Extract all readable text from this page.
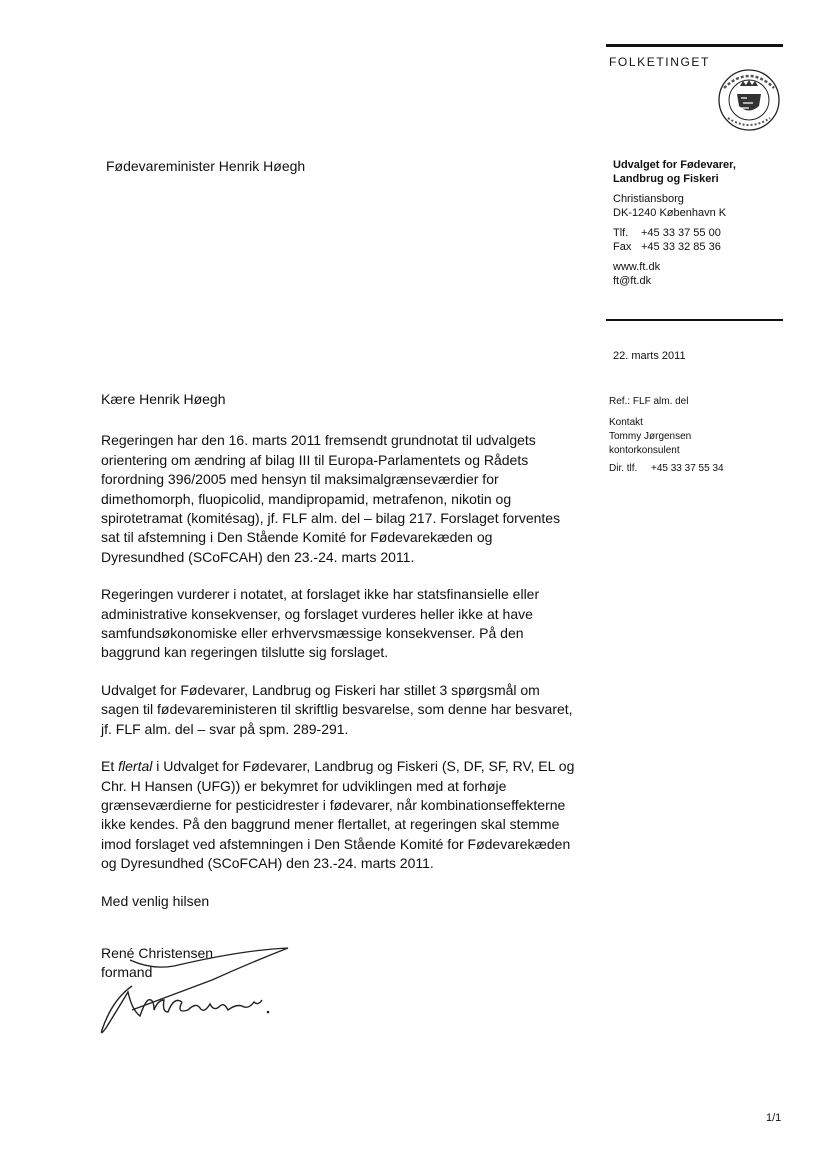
FOLKETINGET
Fødevareminister Henrik Høegh	Udvalget for Fødevarer,
Landbrug og Fiskeri
Christiansborg
DK-1240 København K
Tlf.	+45 33 37 55 00
Fax +45 33 32 85 36
www.ft.dk
ft@ft.dk
22. marts 2011
Ref.: FLF alm. del
Kontakt
Tommy Jørgensen
kontorkonsulent
Dir. tlf.	+45 33 37 55 34

Kære Henrik Høegh

Regeringen har den 16. marts 2011 fremsendt grundnotat til udvalgets orientering om ændring af bilag III til Europa-Parlamentets og Rådets forordning 396/2005 med hensyn til maksimalgrænseværdier for dimethomorph, fluopicolid, mandipropamid, metrafenon, nikotin og spirotetramat (komitésag), jf. FLF alm. del – bilag 217. Forslaget forventes sat til afstemning i Den Stående Komité for Fødevarekæden og Dyresundhed (SCoFCAH) den 23.-24. marts 2011.

Regeringen vurderer i notatet, at forslaget ikke har statsfinansielle eller administrative konsekvenser, og forslaget vurderes heller ikke at have samfundsøkonomiske eller erhvervsmæssige konsekvenser. På den baggrund kan regeringen tilslutte sig forslaget.

Udvalget for Fødevarer, Landbrug og Fiskeri har stillet 3 spørgsmål om sagen til fødevareministeren til skriftlig besvarelse, som denne har besvaret, jf. FLF alm. del – svar på spm. 289-291.

Et flertal i Udvalget for Fødevarer, Landbrug og Fiskeri (S, DF, SF, RV, EL og Chr. H Hansen (UFG)) er bekymret for udviklingen med at forhøje grænseværdierne for pesticidrester i fødevarer, når kombinationseffekterne ikke kendes. På den baggrund mener flertallet, at regeringen skal stemme imod forslaget ved afstemningen i Den Stående Komité for Fødevarekæden og Dyresundhed (SCoFCAH) den 23.-24. marts 2011.

Med venlig hilsen

René Christensen
formand
1/1
